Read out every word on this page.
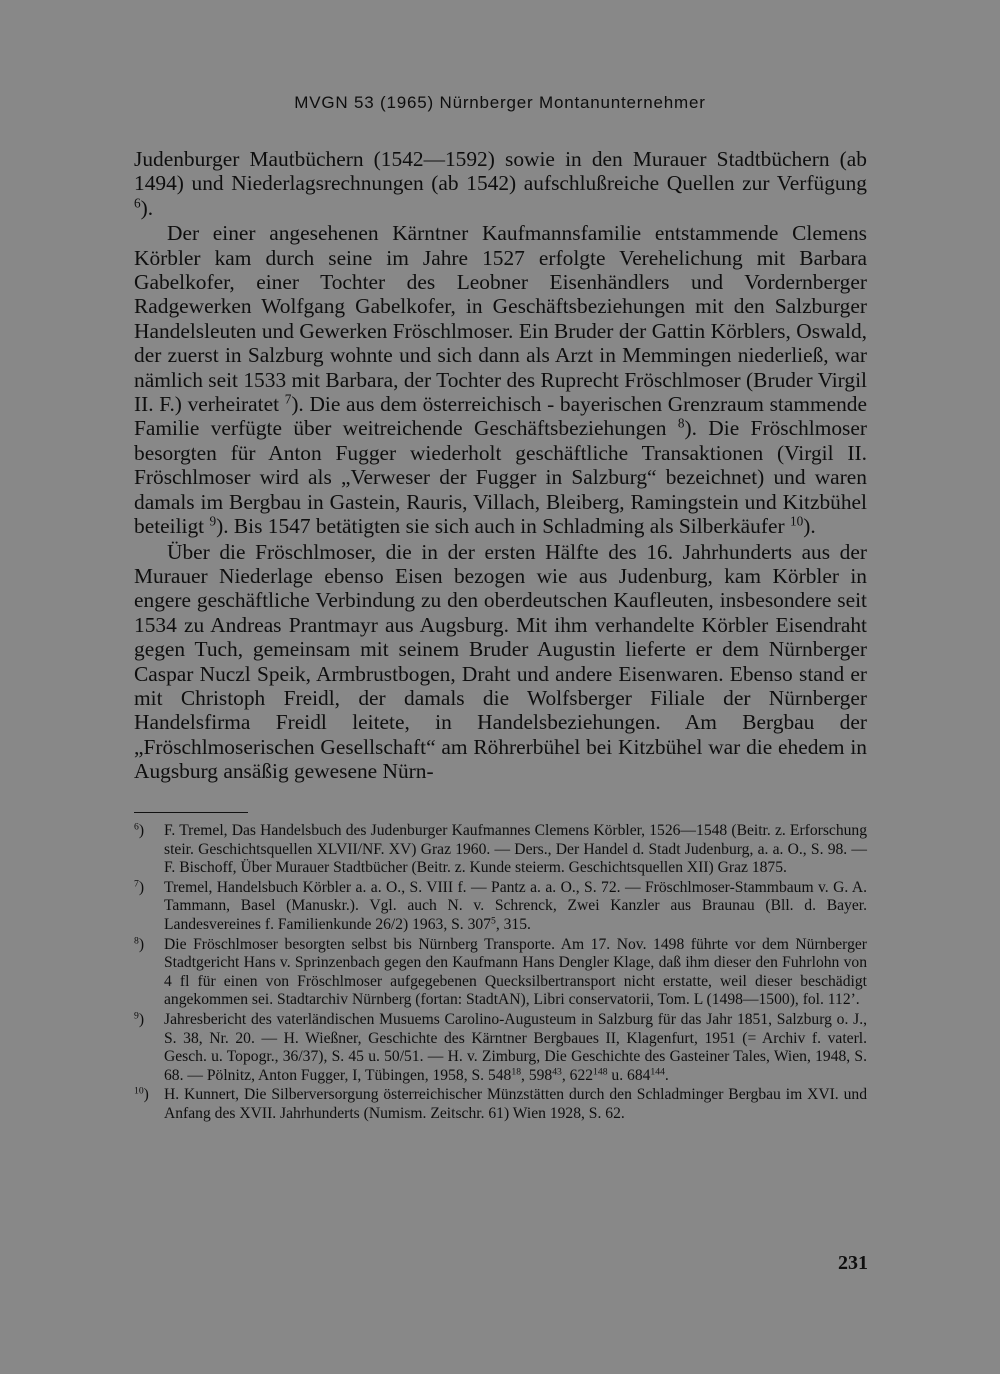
MVGN 53 (1965) Nürnberger Montanunternehmer

Judenburger Mautbüchern (1542—1592) sowie in den Murauer Stadtbüchern (ab 1494) und Niederlagsrechnungen (ab 1542) aufschlußreiche Quellen zur Verfügung $^6$).

Der einer angesehenen Kärntner Kaufmannsfamilie entstammende Clemens Körbler kam durch seine im Jahre 1527 erfolgte Verehelichung mit Barbara Gabelkofer, einer Tochter des Leobner Eisenhändlers und Vordernberger Radgewerken Wolfgang Gabelkofer, in Geschäftsbeziehungen mit den Salzburger Handelsleuten und Gewerken Fröschlmoser. Ein Bruder der Gattin Körblers, Oswald, der zuerst in Salzburg wohnte und sich dann als Arzt in Memmingen niederließ, war nämlich seit 1533 mit Barbara, der Tochter des Ruprecht Fröschlmoser (Bruder Virgil II. F.) verheiratet $^7$). Die aus dem österreichisch - bayerischen Grenzraum stammende Familie verfügte über weitreichende Geschäftsbeziehungen $^8$). Die Fröschlmoser besorgten für Anton Fugger wiederholt geschäftliche Transaktionen (Virgil II. Fröschlmoser wird als „Verweser der Fugger in Salzburg“ bezeichnet) und waren damals im Bergbau in Gastein, Rauris, Villach, Bleiberg, Ramingstein und Kitzbühel beteiligt $^9$). Bis 1547 betätigten sie sich auch in Schladming als Silberkäufer $^{10}$).

Über die Fröschlmoser, die in der ersten Hälfte des 16. Jahrhunderts aus der Murauer Niederlage ebenso Eisen bezogen wie aus Judenburg, kam Körbler in engere geschäftliche Verbindung zu den oberdeutschen Kaufleuten, insbesondere seit 1534 zu Andreas Prantmayr aus Augsburg. Mit ihm verhandelte Körbler Eisendraht gegen Tuch, gemeinsam mit seinem Bruder Augustin lieferte er dem Nürnberger Caspar Nuczl Speik, Armbrustbogen, Draht und andere Eisenwaren. Ebenso stand er mit Christoph Freidl, der damals die Wolfsberger Filiale der Nürnberger Handelsfirma Freidl leitete, in Handelsbeziehungen. Am Bergbau der „Fröschlmoserischen Gesellschaft“ am Röhrerbühel bei Kitzbühel war die ehedem in Augsburg ansäßig gewesene Nürn-

$^6$)	F. Tremel, Das Handelsbuch des Judenburger Kaufmannes Clemens Körbler, 1526—1548 (Beitr. z. Erforschung steir. Geschichtsquellen XLVII/NF. XV) Graz 1960. — Ders., Der Handel d. Stadt Judenburg, a. a. O., S. 98. — F. Bischoff, Über Murauer Stadtbücher (Beitr. z. Kunde steierm. Geschichtsquellen XII) Graz 1875.
$^7$)	Tremel, Handelsbuch Körbler a. a. O., S. VIII f. — Pantz a. a. O., S. 72. — Fröschlmoser-Stammbaum v. G. A. Tammann, Basel (Manuskr.). Vgl. auch N. v. Schrenck, Zwei Kanzler aus Braunau (Bll. d. Bayer. Landesvereines f. Familienkunde 26/2) 1963, S. $307^5$, 315.
$^8$)	Die Fröschlmoser besorgten selbst bis Nürnberg Transporte. Am 17. Nov. 1498 führte vor dem Nürnberger Stadtgericht Hans v. Sprinzenbach gegen den Kaufmann Hans Dengler Klage, daß ihm dieser den Fuhrlohn von 4 fl für einen von Fröschlmoser aufgegebenen Quecksilbertransport nicht erstatte, weil dieser beschädigt angekommen sei. Stadtarchiv Nürnberg (fortan: StadtAN), Libri conservatorii, Tom. L (1498—1500), fol. 112’.
$^9$)	Jahresbericht des vaterländischen Musuems Carolino-Augusteum in Salzburg für das Jahr 1851, Salzburg o. J., S. 38, Nr. 20. — H. Wießner, Geschichte des Kärntner Bergbaues II, Klagenfurt, 1951 (= Archiv f. vaterl. Gesch. u. Topogr., 36/37), S. 45 u. 50/51. — H. v. Zimburg, Die Geschichte des Gasteiner Tales, Wien, 1948, S. 68. — Pölnitz, Anton Fugger, I, Tübingen, 1958, S. $548^{18}$, $598^{43}$, $622^{148}$ u. $684^{144}$.
$^{10}$) H. Kunnert, Die Silberversorgung österreichischer Münzstätten durch den Schladminger Bergbau im XVI. und Anfang des XVII. Jahrhunderts (Numism. Zeitschr. 61) Wien 1928, S. 62.
231
